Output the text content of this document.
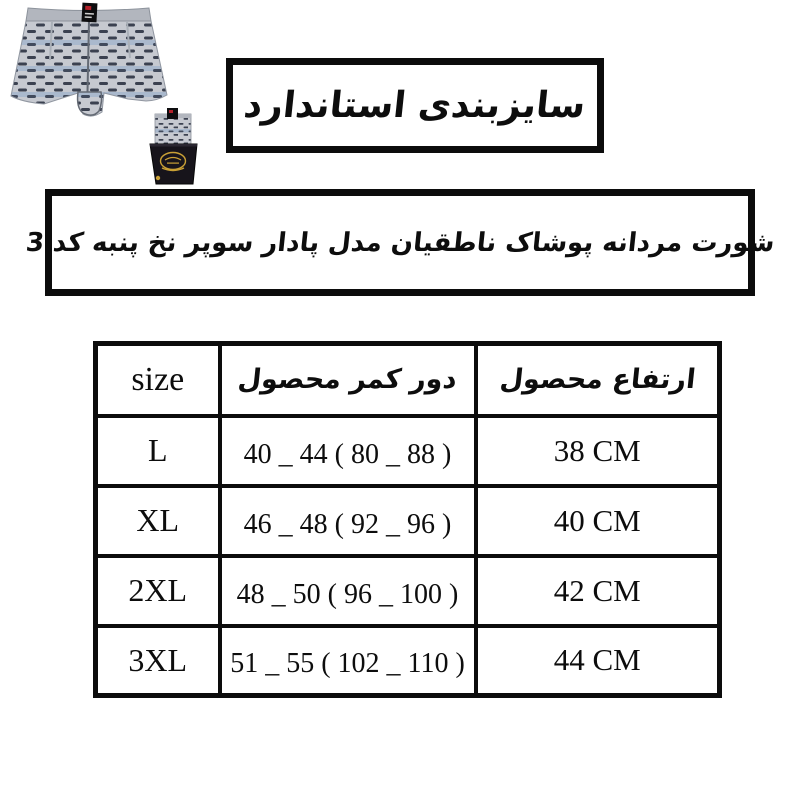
سایزبندی استاندارد
شورت مردانه پوشاک ناطقیان مدل پادار سوپر نخ پنبه کد 3
size	دور کمر محصول	ارتفاع محصول
L	40 _ 44 ( 80 _ 88 )	38 CM
XL	46 _ 48 ( 92 _ 96 )	40 CM
2XL	48 _ 50 ( 96 _ 100 )	42 CM
3XL	51 _ 55 ( 102 _ 110 )	44 CM
